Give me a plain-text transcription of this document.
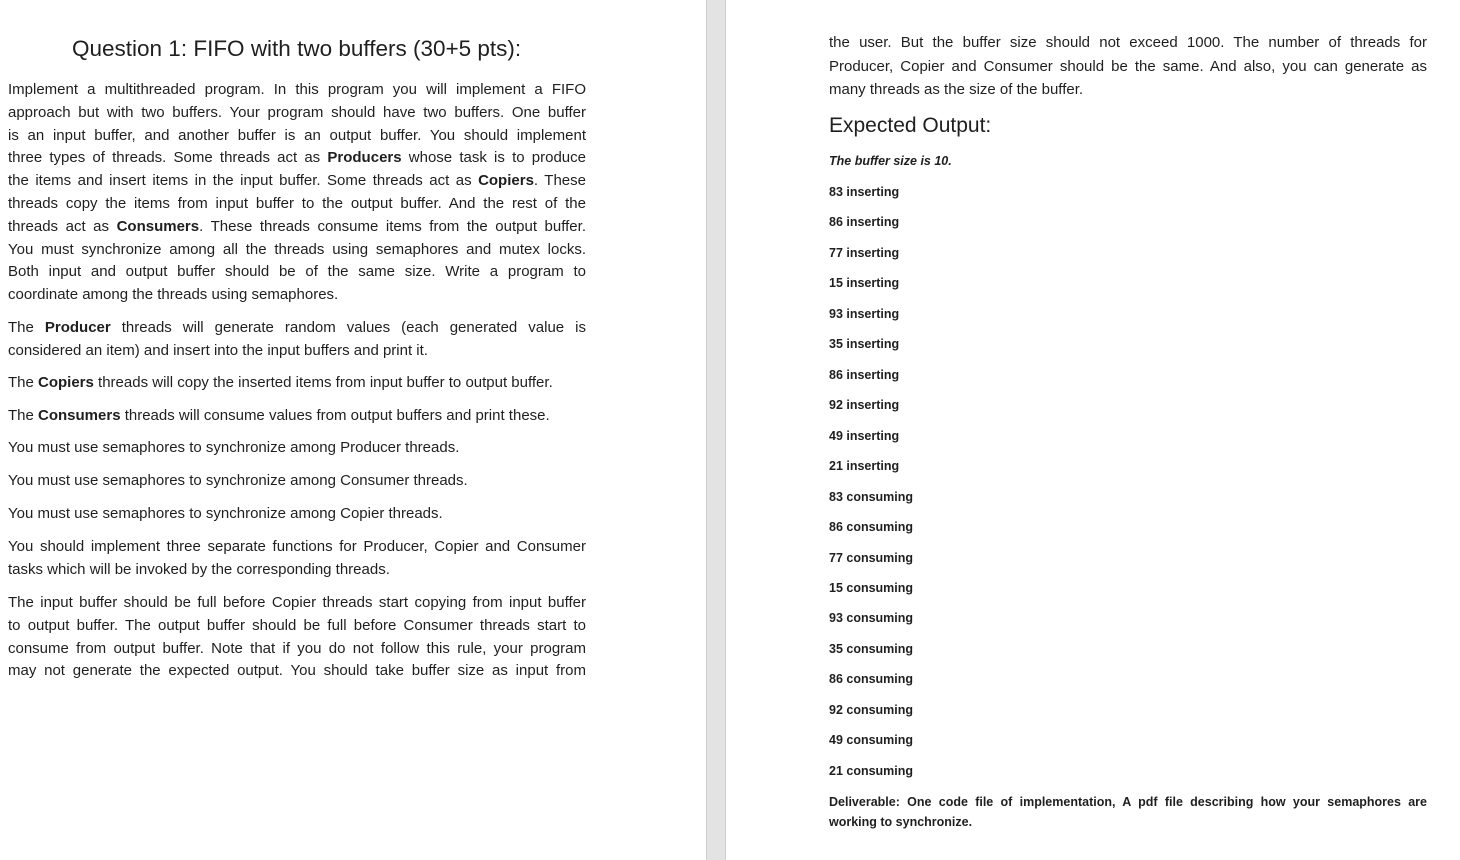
Question 1: FIFO with two buffers (30+5 pts):
Implement a multithreaded program. In this program you will implement a FIFO
approach but with two buffers. Your program should have two buffers. One buffer
is an input buffer, and another buffer is an output buffer. You should implement
three types of threads. Some threads act as Producers whose task is to produce
the items and insert items in the input buffer. Some threads act as Copiers. These
threads copy the items from input buffer to the output buffer. And the rest of the
threads act as Consumers. These threads consume items from the output buffer.
You must synchronize among all the threads using semaphores and mutex locks.
Both input and output buffer should be of the same size. Write a program to
coordinate among the threads using semaphores.
The Producer threads will generate random values (each generated value is
considered an item) and insert into the input buffers and print it.
The Copiers threads will copy the inserted items from input buffer to output buffer.
The Consumers threads will consume values from output buffers and print these.
You must use semaphores to synchronize among Producer threads.
You must use semaphores to synchronize among Consumer threads.
You must use semaphores to synchronize among Copier threads.
You should implement three separate functions for Producer, Copier and Consumer
tasks which will be invoked by the corresponding threads.
The input buffer should be full before Copier threads start copying from input buffer
to output buffer. The output buffer should be full before Consumer threads start to
consume from output buffer. Note that if you do not follow this rule, your program
may not generate the expected output. You should take buffer size as input from
the user. But the buffer size should not exceed 1000. The number of threads for
Producer, Copier and Consumer should be the same. And also, you can generate as
many threads as the size of the buffer.
Expected Output:
The buffer size is 10.
83 inserting
86 inserting
77 inserting
15 inserting
93 inserting
35 inserting
86 inserting
92 inserting
49 inserting
21 inserting
83 consuming
86 consuming
77 consuming
15 consuming
93 consuming
35 consuming
86 consuming
92 consuming
49 consuming
21 consuming
Deliverable: One code file of implementation, A pdf file describing how your semaphores are
working to synchronize.
